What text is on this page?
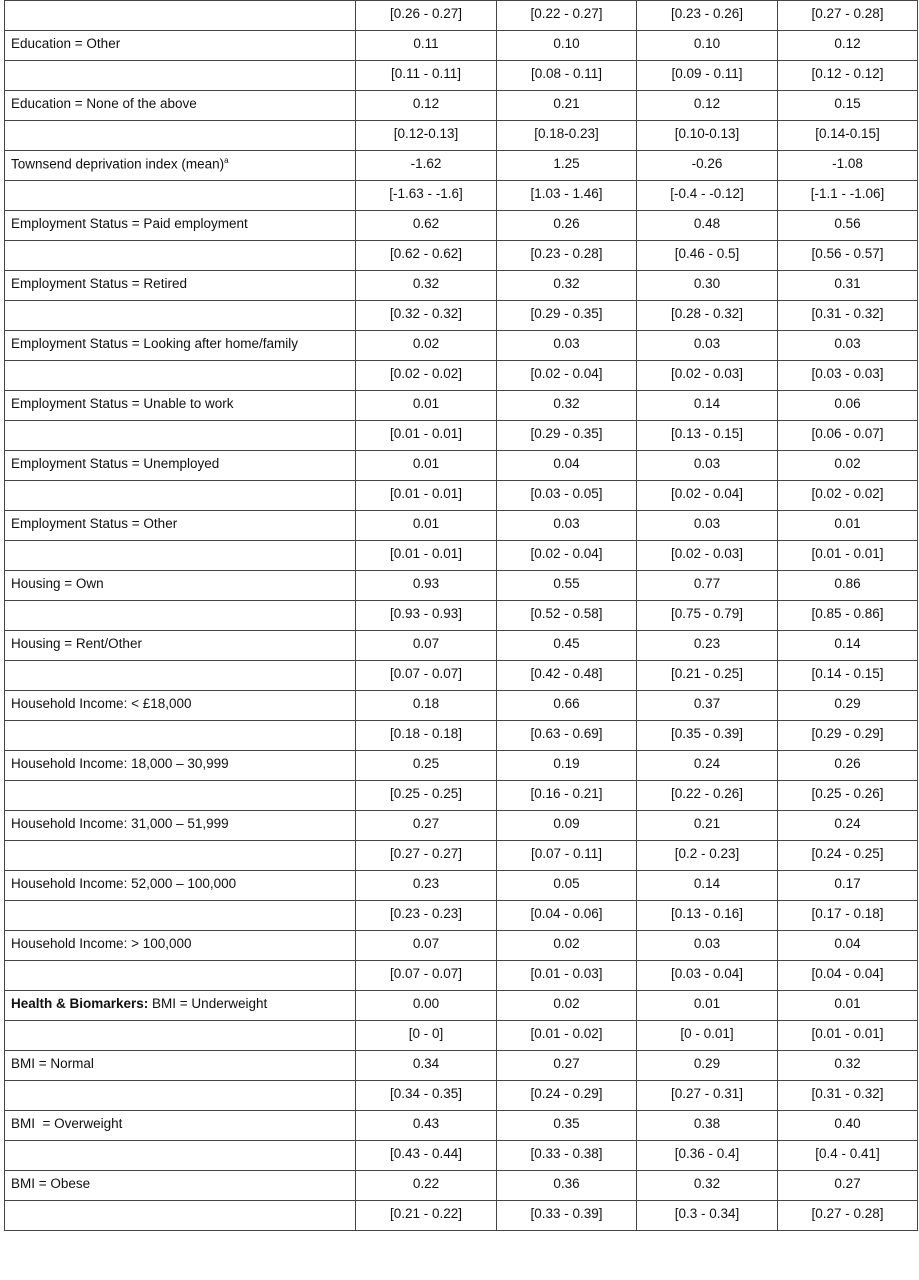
	[0.26 - 0.27]	[0.22 - 0.27]	[0.23 - 0.26]	[0.27 - 0.28]
Education = Other	0.11	0.10	0.10	0.12
	[0.11 - 0.11]	[0.08 - 0.11]	[0.09 - 0.11]	[0.12 - 0.12]
Education = None of the above	0.12	0.21	0.12	0.15
	[0.12-0.13]	[0.18-0.23]	[0.10-0.13]	[0.14-0.15]
Townsend deprivation index (mean)$^a$	-1.62	1.25	-0.26	-1.08
	[-1.63 - -1.6]	[1.03 - 1.46]	[-0.4 - -0.12]	[-1.1 - -1.06]
Employment Status = Paid employment	0.62	0.26	0.48	0.56
	[0.62 - 0.62]	[0.23 - 0.28]	[0.46 - 0.5]	[0.56 - 0.57]
Employment Status = Retired	0.32	0.32	0.30	0.31
	[0.32 - 0.32]	[0.29 - 0.35]	[0.28 - 0.32]	[0.31 - 0.32]
Employment Status = Looking after home/family	0.02	0.03	0.03	0.03
	[0.02 - 0.02]	[0.02 - 0.04]	[0.02 - 0.03]	[0.03 - 0.03]
Employment Status = Unable to work	0.01	0.32	0.14	0.06
	[0.01 - 0.01]	[0.29 - 0.35]	[0.13 - 0.15]	[0.06 - 0.07]
Employment Status = Unemployed	0.01	0.04	0.03	0.02
	[0.01 - 0.01]	[0.03 - 0.05]	[0.02 - 0.04]	[0.02 - 0.02]
Employment Status = Other	0.01	0.03	0.03	0.01
	[0.01 - 0.01]	[0.02 - 0.04]	[0.02 - 0.03]	[0.01 - 0.01]
Housing = Own	0.93	0.55	0.77	0.86
	[0.93 - 0.93]	[0.52 - 0.58]	[0.75 - 0.79]	[0.85 - 0.86]
Housing = Rent/Other	0.07	0.45	0.23	0.14
	[0.07 - 0.07]	[0.42 - 0.48]	[0.21 - 0.25]	[0.14 - 0.15]
Household Income: < £18,000	0.18	0.66	0.37	0.29
	[0.18 - 0.18]	[0.63 - 0.69]	[0.35 - 0.39]	[0.29 - 0.29]
Household Income: 18,000 – 30,999	0.25	0.19	0.24	0.26
	[0.25 - 0.25]	[0.16 - 0.21]	[0.22 - 0.26]	[0.25 - 0.26]
Household Income: 31,000 – 51,999	0.27	0.09	0.21	0.24
	[0.27 - 0.27]	[0.07 - 0.11]	[0.2 - 0.23]	[0.24 - 0.25]
Household Income: 52,000 – 100,000	0.23	0.05	0.14	0.17
	[0.23 - 0.23]	[0.04 - 0.06]	[0.13 - 0.16]	[0.17 - 0.18]
Household Income: > 100,000	0.07	0.02	0.03	0.04
	[0.07 - 0.07]	[0.01 - 0.03]	[0.03 - 0.04]	[0.04 - 0.04]
Health & Biomarkers: BMI = Underweight	0.00	0.02	0.01	0.01
	[0 - 0]	[0.01 - 0.02]	[0 - 0.01]	[0.01 - 0.01]
BMI = Normal	0.34	0.27	0.29	0.32
	[0.34 - 0.35]	[0.24 - 0.29]	[0.27 - 0.31]	[0.31 - 0.32]
BMI  = Overweight	0.43	0.35	0.38	0.40
	[0.43 - 0.44]	[0.33 - 0.38]	[0.36 - 0.4]	[0.4 - 0.41]
BMI = Obese	0.22	0.36	0.32	0.27
	[0.21 - 0.22]	[0.33 - 0.39]	[0.3 - 0.34]	[0.27 - 0.28]
